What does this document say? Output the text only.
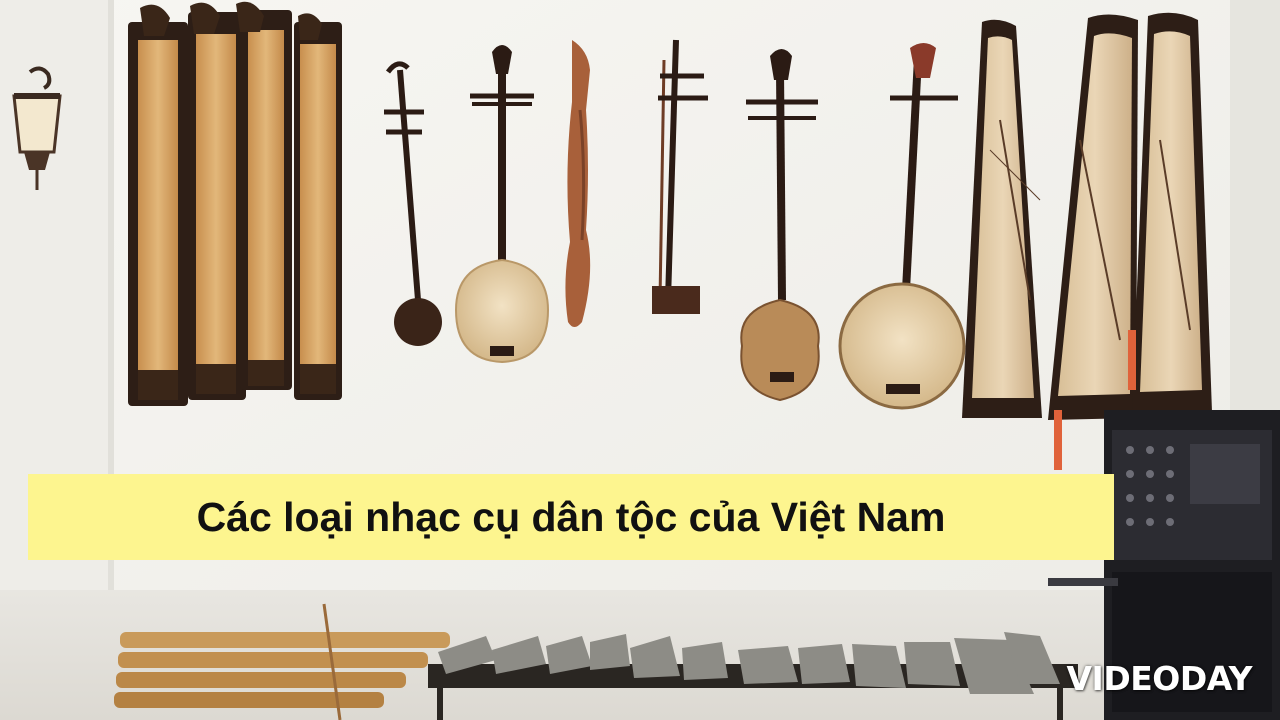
Các loại nhạc cụ dân tộc của Việt Nam
VIDEODAY
